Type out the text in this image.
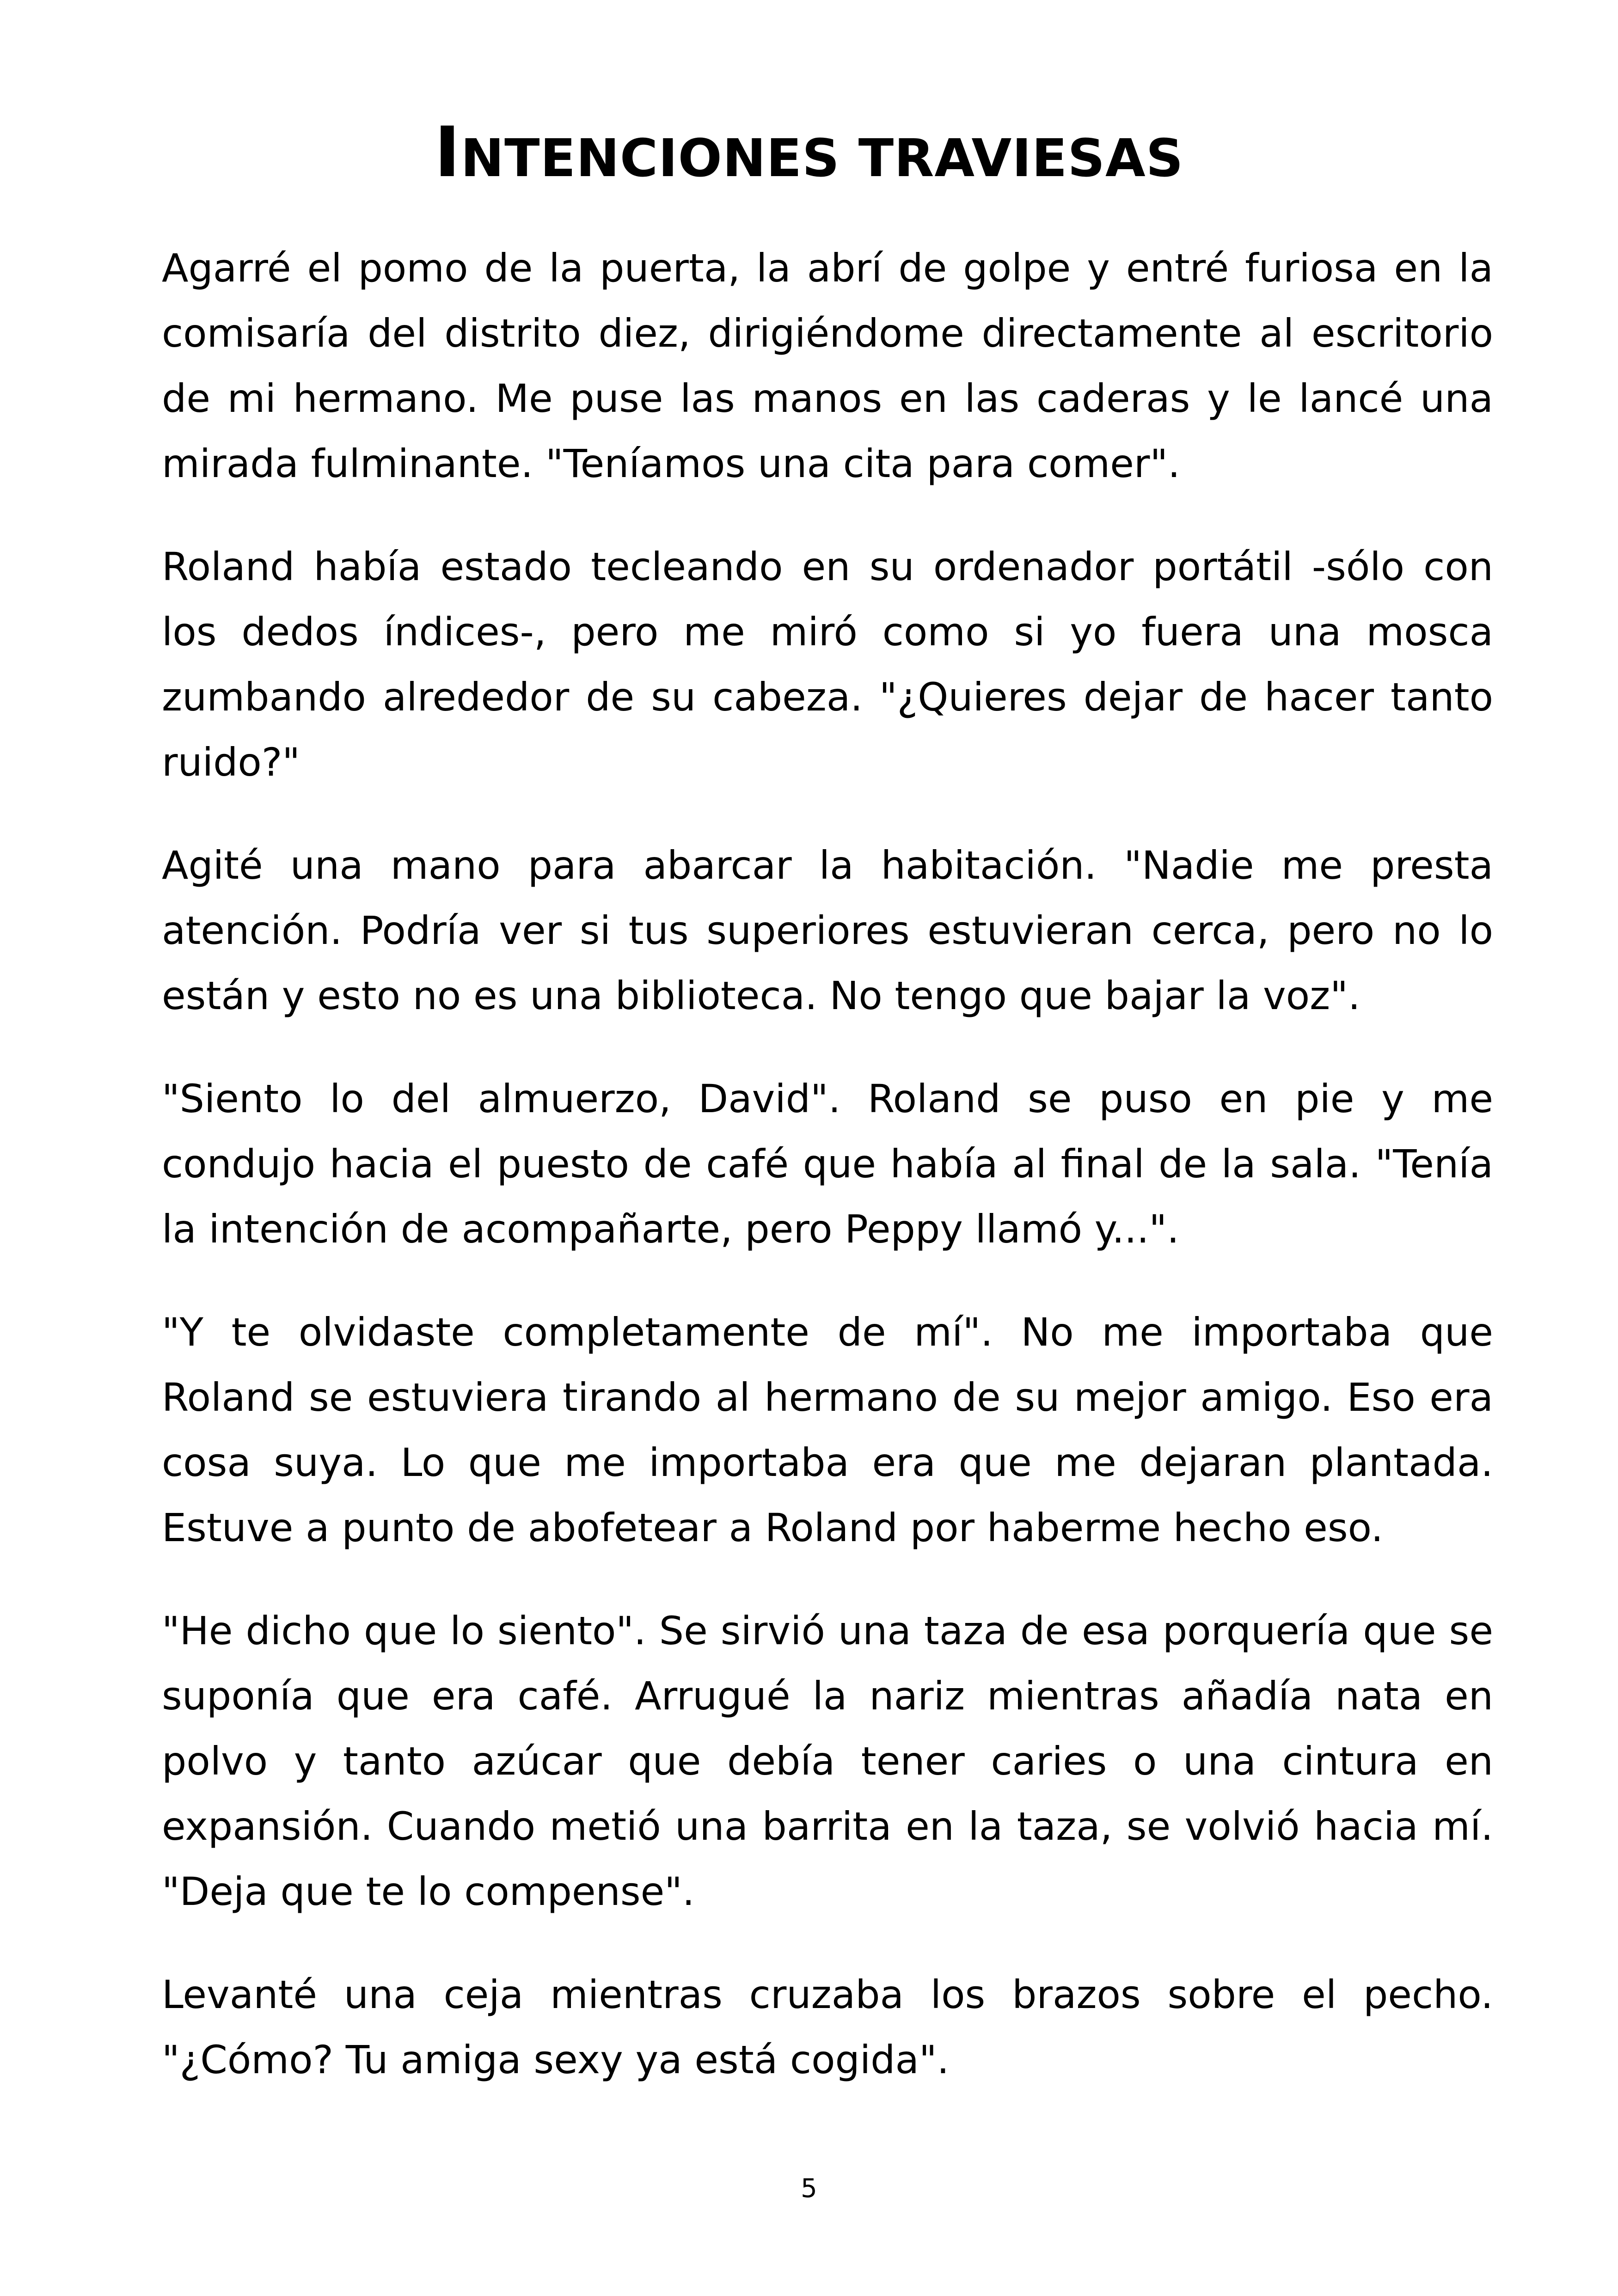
INTENCIONES TRAVIESAS

Agarré el pomo de la puerta, la abrí de golpe y entré furiosa en la comisaría del distrito diez, dirigiéndome directamente al escritorio de mi hermano. Me puse las manos en las caderas y le lancé una mirada fulminante. "Teníamos una cita para comer".

Roland había estado tecleando en su ordenador portátil -sólo con los dedos índices-, pero me miró como si yo fuera una mosca zumbando alrededor de su cabeza. "¿Quieres dejar de hacer tanto ruido?"

Agité una mano para abarcar la habitación. "Nadie me presta atención. Podría ver si tus superiores estuvieran cerca, pero no lo están y esto no es una biblioteca. No tengo que bajar la voz".

"Siento lo del almuerzo, David". Roland se puso en pie y me condujo hacia el puesto de café que había al final de la sala. "Tenía la intención de acompañarte, pero Peppy llamó y...".

"Y te olvidaste completamente de mí". No me importaba que Roland se estuviera tirando al hermano de su mejor amigo. Eso era cosa suya. Lo que me importaba era que me dejaran plantada. Estuve a punto de abofetear a Roland por haberme hecho eso.

"He dicho que lo siento". Se sirvió una taza de esa porquería que se suponía que era café. Arrugué la nariz mientras añadía nata en polvo y tanto azúcar que debía tener caries o una cintura en expansión. Cuando metió una barrita en la taza, se volvió hacia mí. "Deja que te lo compense".

Levanté una ceja mientras cruzaba los brazos sobre el pecho. "¿Cómo? Tu amiga sexy ya está cogida".

5
